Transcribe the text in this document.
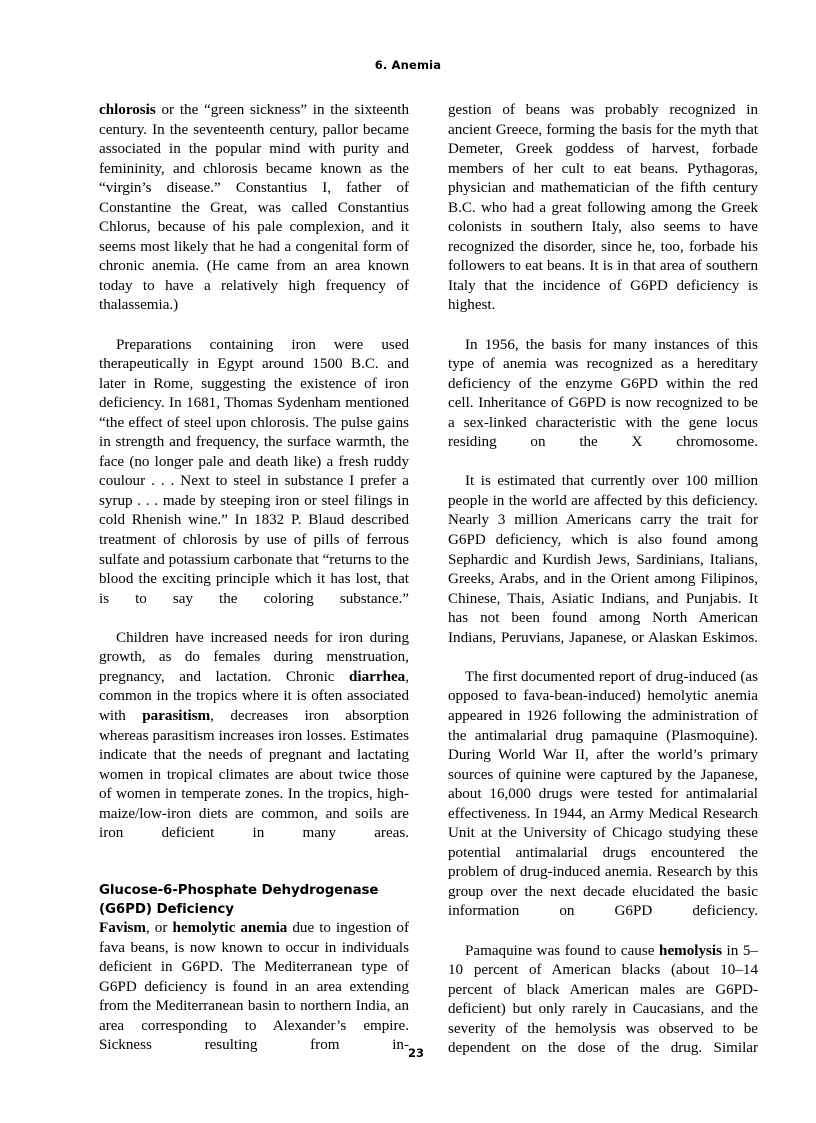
6. Anemia

chlorosis or the “green sickness” in the sixteenth century. In the seventeenth century, pallor became associated in the popular mind with purity and femininity, and chlorosis became known as the “virgin’s disease.” Constantius I, father of Constantine the Great, was called Constantius Chlorus, because of his pale complexion, and it seems most likely that he had a congenital form of chronic anemia. (He came from an area known today to have a relatively high frequency of thalassemia.)

Preparations containing iron were used therapeutically in Egypt around 1500 B.C. and later in Rome, suggesting the existence of iron deficiency. In 1681, Thomas Sydenham mentioned “the effect of steel upon chlorosis. The pulse gains in strength and frequency, the surface warmth, the face (no longer pale and death like) a fresh ruddy coulour . . . Next to steel in substance I prefer a syrup . . . made by steeping iron or steel filings in cold Rhenish wine.” In 1832 P. Blaud described treatment of chlorosis by use of pills of ferrous sulfate and potassium carbonate that “returns to the blood the exciting principle which it has lost, that is to say the coloring substance.”

Children have increased needs for iron during growth, as do females during menstruation, pregnancy, and lactation. Chronic diarrhea, common in the tropics where it is often associated with parasitism, decreases iron absorption whereas parasitism increases iron losses. Estimates indicate that the needs of pregnant and lactating women in tropical climates are about twice those of women in temperate zones. In the tropics, high-maize/low-iron diets are common, and soils are iron deficient in many areas.

Glucose-6-Phosphate Dehydrogenase
(G6PD) Deficiency

Favism, or hemolytic anemia due to ingestion of fava beans, is now known to occur in individuals deficient in G6PD. The Mediterranean type of G6PD deficiency is found in an area extending from the Mediterranean basin to northern India, an area corresponding to Alexander’s empire. Sickness resulting from in-

gestion of beans was probably recognized in ancient Greece, forming the basis for the myth that Demeter, Greek goddess of harvest, forbade members of her cult to eat beans. Pythagoras, physician and mathematician of the fifth century B.C. who had a great following among the Greek colonists in southern Italy, also seems to have recognized the disorder, since he, too, forbade his followers to eat beans. It is in that area of southern Italy that the incidence of G6PD deficiency is highest.

In 1956, the basis for many instances of this type of anemia was recognized as a hereditary deficiency of the enzyme G6PD within the red cell. Inheritance of G6PD is now recognized to be a sex-linked characteristic with the gene locus residing on the X chromosome.

It is estimated that currently over 100 million people in the world are affected by this deficiency. Nearly 3 million Americans carry the trait for G6PD deficiency, which is also found among Sephardic and Kurdish Jews, Sardinians, Italians, Greeks, Arabs, and in the Orient among Filipinos, Chinese, Thais, Asiatic Indians, and Punjabis. It has not been found among North American Indians, Peruvians, Japanese, or Alaskan Eskimos.

The first documented report of drug-induced (as opposed to fava-bean-induced) hemolytic anemia appeared in 1926 following the administration of the antimalarial drug pamaquine (Plasmoquine). During World War II, after the world’s primary sources of quinine were captured by the Japanese, about 16,000 drugs were tested for antimalarial effectiveness. In 1944, an Army Medical Research Unit at the University of Chicago studying these potential antimalarial drugs encountered the problem of drug-induced anemia. Research by this group over the next decade elucidated the basic information on G6PD deficiency.

Pamaquine was found to cause hemolysis in 5–10 percent of American blacks (about 10–14 percent of black American males are G6PD-deficient) but only rarely in Caucasians, and the severity of the hemolysis was observed to be dependent on the dose of the drug. Similar

23
